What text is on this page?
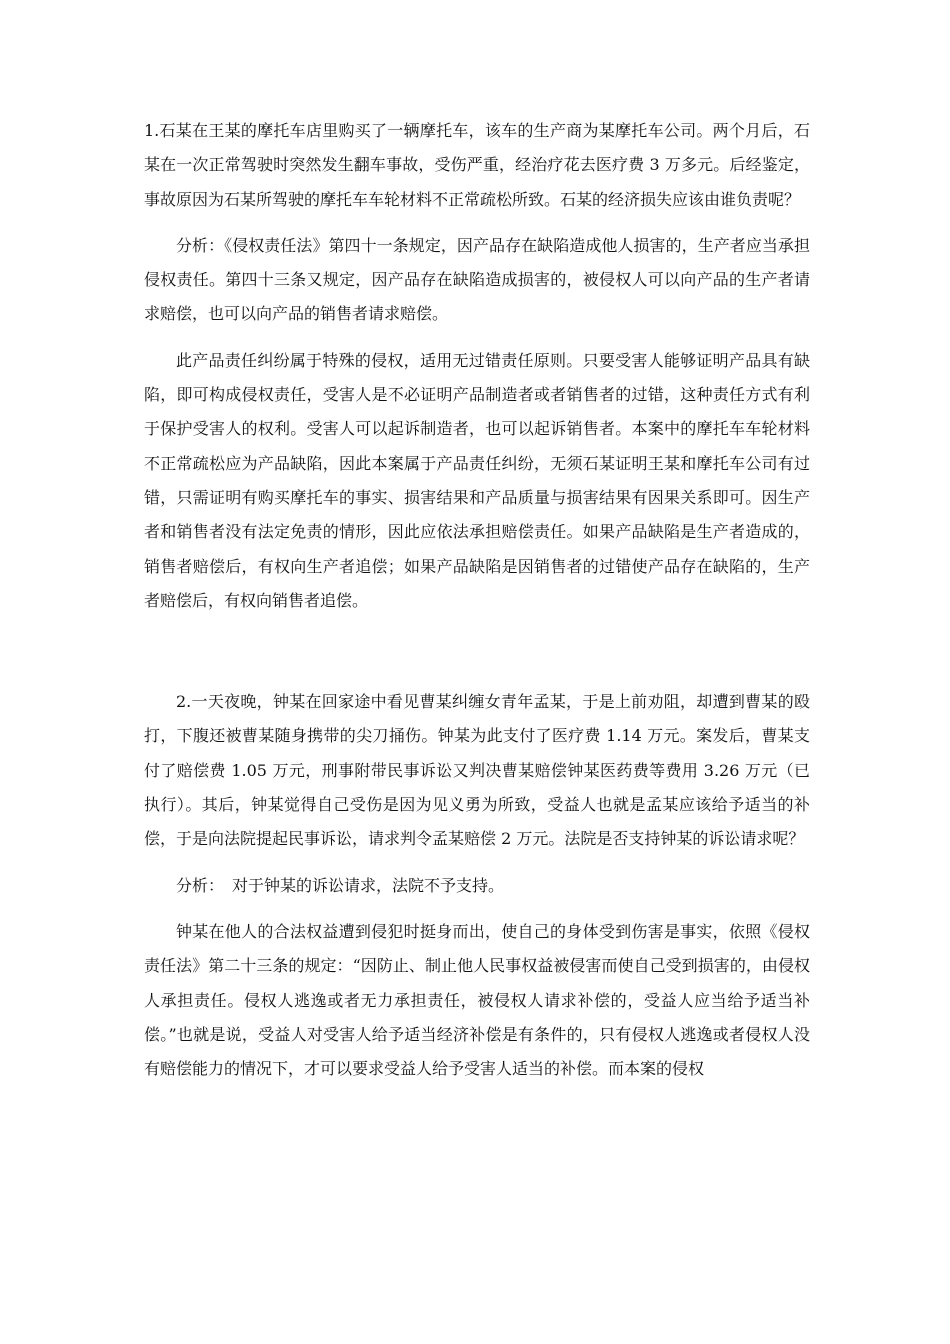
1.石某在王某的摩托车店里购买了一辆摩托车，该车的生产商为某摩托车公司。两个月后，石某在一次正常驾驶时突然发生翻车事故，受伤严重，经治疗花去医疗费 3 万多元。后经鉴定，事故原因为石某所驾驶的摩托车车轮材料不正常疏松所致。石某的经济损失应该由谁负责呢？

分析：《侵权责任法》第四十一条规定，因产品存在缺陷造成他人损害的，生产者应当承担侵权责任。第四十三条又规定，因产品存在缺陷造成损害的，被侵权人可以向产品的生产者请求赔偿，也可以向产品的销售者请求赔偿。

此产品责任纠纷属于特殊的侵权，适用无过错责任原则。只要受害人能够证明产品具有缺陷，即可构成侵权责任，受害人是不必证明产品制造者或者销售者的过错，这种责任方式有利于保护受害人的权利。受害人可以起诉制造者，也可以起诉销售者。本案中的摩托车车轮材料不正常疏松应为产品缺陷，因此本案属于产品责任纠纷，无须石某证明王某和摩托车公司有过错，只需证明有购买摩托车的事实、损害结果和产品质量与损害结果有因果关系即可。因生产者和销售者没有法定免责的情形，因此应依法承担赔偿责任。如果产品缺陷是生产者造成的，销售者赔偿后，有权向生产者追偿；如果产品缺陷是因销售者的过错使产品存在缺陷的，生产者赔偿后，有权向销售者追偿。

2.一天夜晚，钟某在回家途中看见曹某纠缠女青年孟某，于是上前劝阻，却遭到曹某的殴打，下腹还被曹某随身携带的尖刀捅伤。钟某为此支付了医疗费 1.14 万元。案发后，曹某支付了赔偿费 1.05 万元，刑事附带民事诉讼又判决曹某赔偿钟某医药费等费用 3.26 万元（已执行）。其后，钟某觉得自己受伤是因为见义勇为所致，受益人也就是孟某应该给予适当的补偿，于是向法院提起民事诉讼，请求判令孟某赔偿 2 万元。法院是否支持钟某的诉讼请求呢？

分析：　对于钟某的诉讼请求，法院不予支持。

钟某在他人的合法权益遭到侵犯时挺身而出，使自己的身体受到伤害是事实，依照《侵权责任法》第二十三条的规定：“因防止、制止他人民事权益被侵害而使自己受到损害的，由侵权人承担责任。侵权人逃逸或者无力承担责任，被侵权人请求补偿的，受益人应当给予适当补偿。”也就是说，受益人对受害人给予适当经济补偿是有条件的，只有侵权人逃逸或者侵权人没有赔偿能力的情况下，才可以要求受益人给予受害人适当的补偿。而本案的侵权
